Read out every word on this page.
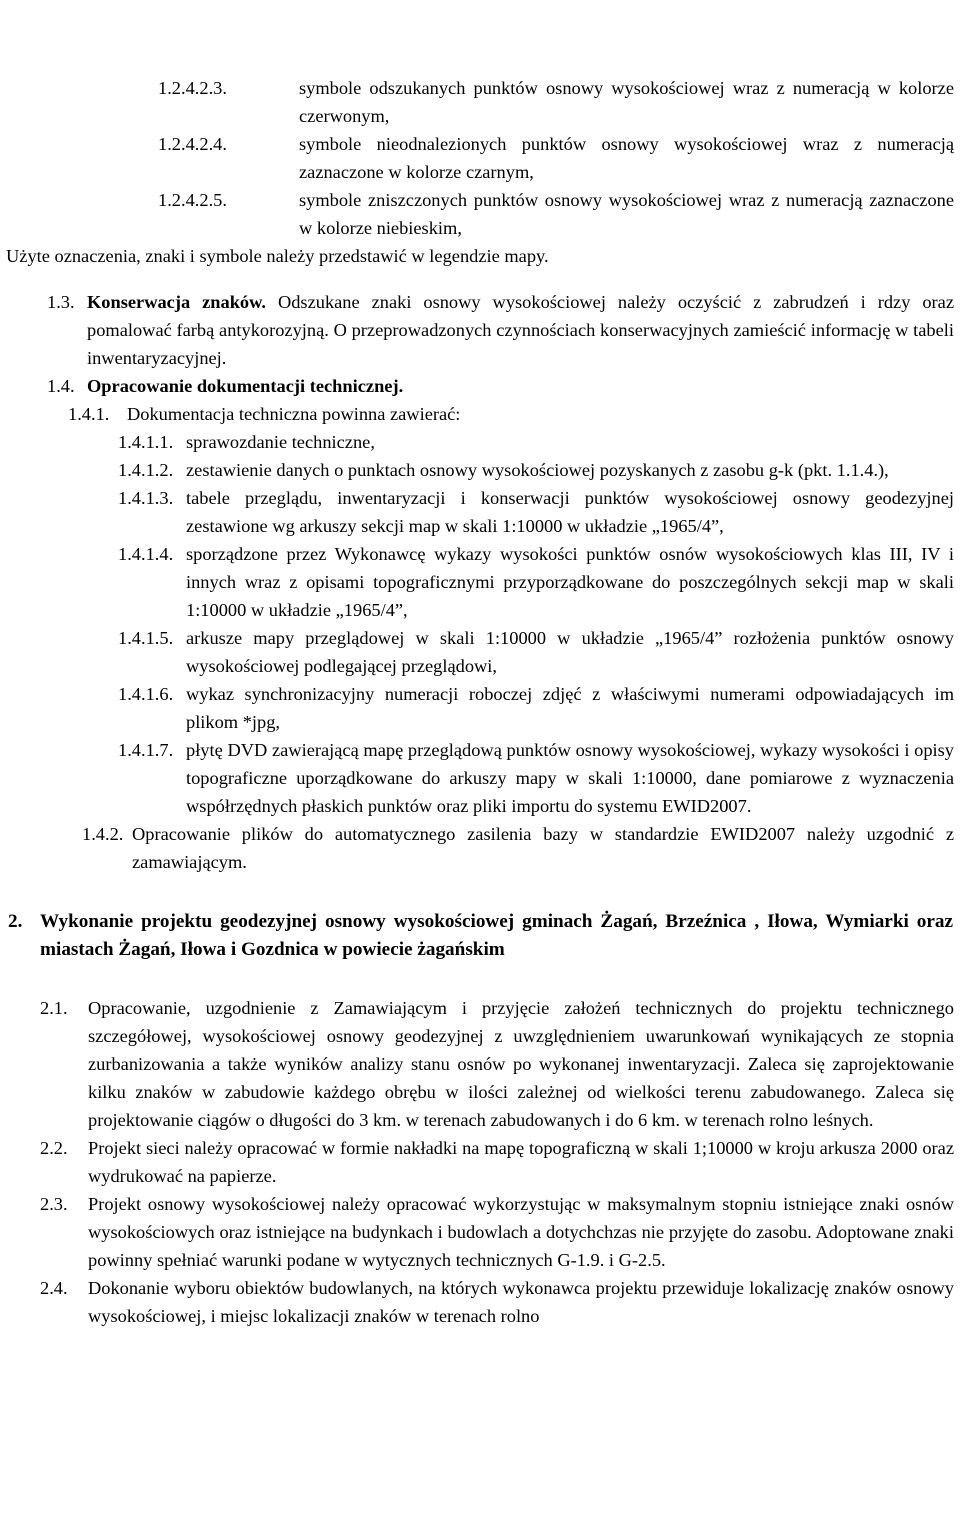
1.2.4.2.3.	symbole odszukanych punktów osnowy wysokościowej wraz z numeracją w kolorze czerwonym,
1.2.4.2.4.	symbole nieodnalezionych punktów osnowy wysokościowej wraz z numeracją zaznaczone w kolorze czarnym,
1.2.4.2.5.	symbole zniszczonych punktów osnowy wysokościowej wraz z numeracją zaznaczone w kolorze niebieskim,
Użyte oznaczenia, znaki i symbole należy przedstawić w legendzie mapy.
1.3. Konserwacja znaków. Odszukane znaki osnowy wysokościowej należy oczyścić z zabrudzeń i rdzy oraz pomalować farbą antykorozyjną. O przeprowadzonych czynnościach konserwacyjnych zamieścić informację w tabeli inwentaryzacyjnej.
1.4. Opracowanie dokumentacji technicznej.
1.4.1. Dokumentacja techniczna powinna zawierać:
1.4.1.1. sprawozdanie techniczne,
1.4.1.2. zestawienie danych o punktach osnowy wysokościowej pozyskanych z zasobu g-k (pkt. 1.1.4.),
1.4.1.3. tabele przeglądu, inwentaryzacji i konserwacji punktów wysokościowej osnowy geodezyjnej zestawione wg arkuszy sekcji map w skali 1:10000 w układzie „1965/4”,
1.4.1.4. sporządzone przez Wykonawcę wykazy wysokości punktów osnów wysokościowych klas III, IV i innych wraz z opisami topograficznymi przyporządkowane do poszczególnych sekcji map w skali 1:10000 w układzie „1965/4”,
1.4.1.5. arkusze mapy przeglądowej w skali 1:10000 w układzie „1965/4” rozłożenia punktów osnowy wysokościowej podlegającej przeglądowi,
1.4.1.6. wykaz synchronizacyjny numeracji roboczej zdjęć z właściwymi numerami odpowiadających im plikom *jpg,
1.4.1.7. płytę DVD zawierającą mapę przeglądową punktów osnowy wysokościowej, wykazy wysokości i opisy topograficzne uporządkowane do arkuszy mapy w skali 1:10000, dane pomiarowe z wyznaczenia współrzędnych płaskich punktów oraz pliki importu do systemu EWID2007.
1.4.2. Opracowanie plików do automatycznego zasilenia bazy w standardzie EWID2007 należy uzgodnić z zamawiającym.
2. Wykonanie projektu geodezyjnej osnowy wysokościowej gminach Żagań, Brzeźnica , Iłowa, Wymiarki oraz miastach Żagań, Iłowa i Gozdnica w powiecie żagańskim
2.1. Opracowanie, uzgodnienie z Zamawiającym i przyjęcie założeń technicznych do projektu technicznego szczegółowej, wysokościowej osnowy geodezyjnej z uwzględnieniem uwarunkowań wynikających ze stopnia zurbanizowania a także wyników analizy stanu osnów po wykonanej inwentaryzacji. Zaleca się zaprojektowanie kilku znaków w zabudowie każdego obrębu w ilości zależnej od wielkości terenu zabudowanego. Zaleca się projektowanie ciągów o długości do 3 km. w terenach zabudowanych i do 6 km. w terenach rolno leśnych.
2.2. Projekt sieci należy opracować w formie nakładki na mapę topograficzną w skali 1;10000 w kroju arkusza 2000 oraz wydrukować na papierze.
2.3. Projekt osnowy wysokościowej należy opracować wykorzystując w maksymalnym stopniu istniejące znaki osnów wysokościowych oraz istniejące na budynkach i budowlach a dotychchzas nie przyjęte do zasobu. Adoptowane znaki powinny spełniać warunki podane w wytycznych technicznych G-1.9. i G-2.5.
2.4. Dokonanie wyboru obiektów budowlanych, na których wykonawca projektu przewiduje lokalizację znaków osnowy wysokościowej, i miejsc lokalizacji znaków w terenach rolno
